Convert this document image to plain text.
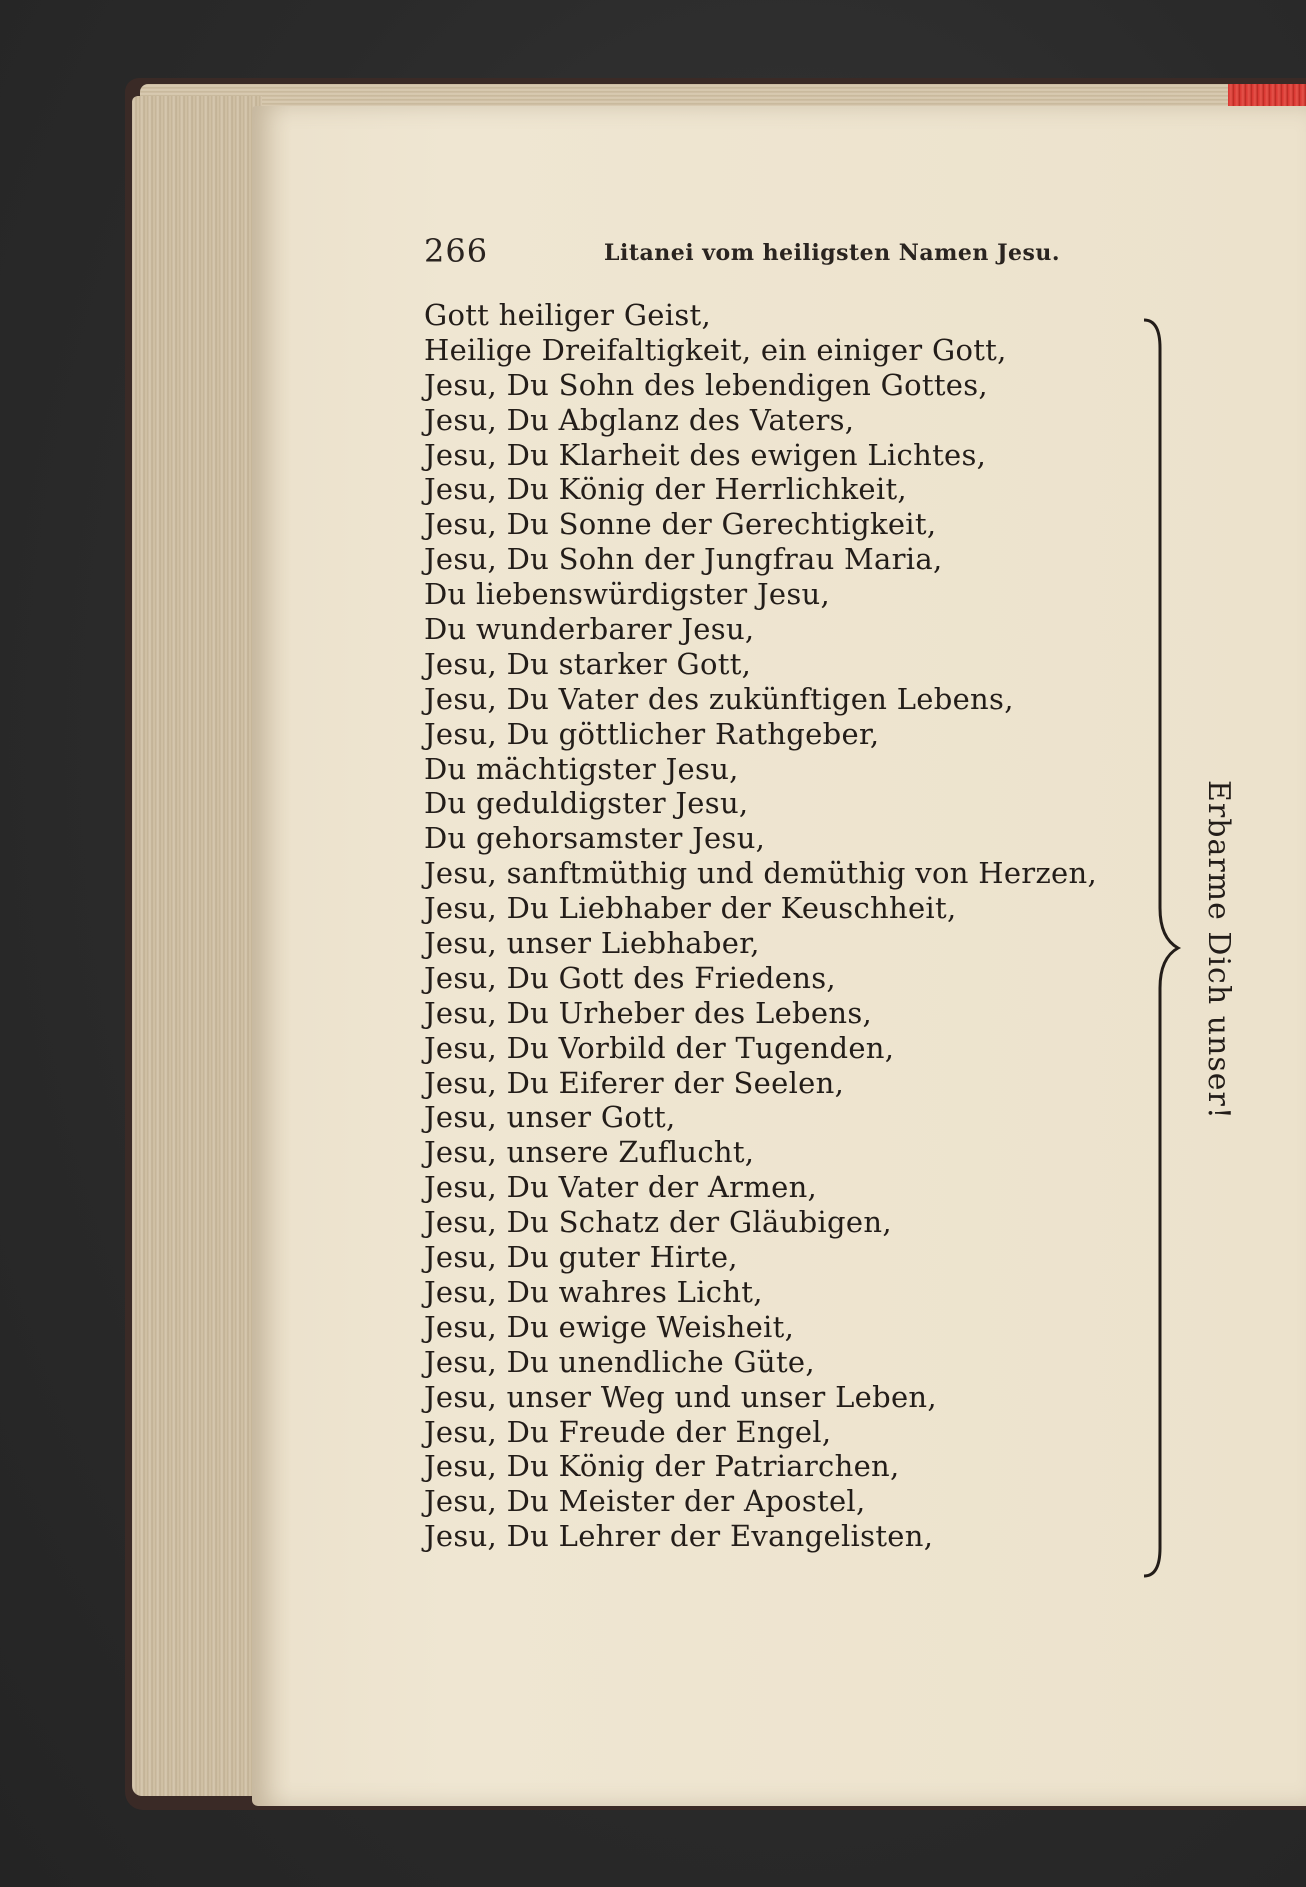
266	Litanei vom heiligsten Namen Jesu.
Gott heiliger Geist,
Heilige Dreifaltigkeit, ein einiger Gott,
Jesu, Du Sohn des lebendigen Gottes,
Jesu, Du Abglanz des Vaters,
Jesu, Du Klarheit des ewigen Lichtes,
Jesu, Du König der Herrlichkeit,
Jesu, Du Sonne der Gerechtigkeit,
Jesu, Du Sohn der Jungfrau Maria,
Du liebenswürdigster Jesu,
Du wunderbarer Jesu,
Jesu, Du starker Gott,
Jesu, Du Vater des zukünftigen Lebens,
Jesu, Du göttlicher Rathgeber,
Du mächtigster Jesu,
Du geduldigster Jesu,
Du gehorsamster Jesu,
Jesu, sanftmüthig und demüthig von Herzen,
Jesu, Du Liebhaber der Keuschheit,
Jesu, unser Liebhaber,
Jesu, Du Gott des Friedens,
Jesu, Du Urheber des Lebens,
Jesu, Du Vorbild der Tugenden,
Jesu, Du Eiferer der Seelen,
Jesu, unser Gott,
Jesu, unsere Zuflucht,
Jesu, Du Vater der Armen,
Jesu, Du Schatz der Gläubigen,
Jesu, Du guter Hirte,
Jesu, Du wahres Licht,
Jesu, Du ewige Weisheit,
Jesu, Du unendliche Güte,
Jesu, unser Weg und unser Leben,
Jesu, Du Freude der Engel,
Jesu, Du König der Patriarchen,
Jesu, Du Meister der Apostel,
Jesu, Du Lehrer der Evangelisten,
Erbarme Dich unser!
